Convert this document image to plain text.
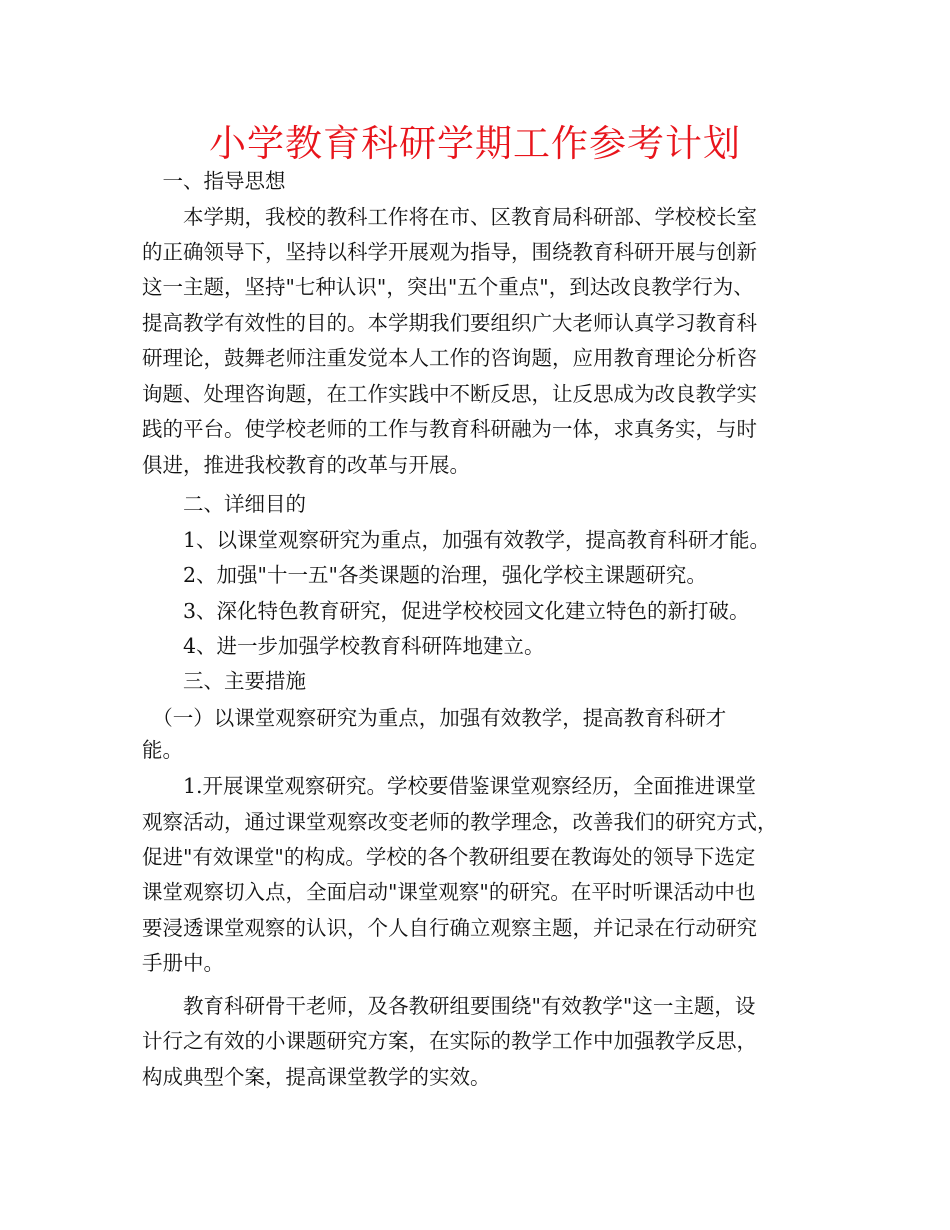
小学教育科研学期工作参考计划

　一、指导思想

　　本学期，我校的教科工作将在市、区教育局科研部、学校校长室

的正确领导下，坚持以科学开展观为指导，围绕教育科研开展与创新

这一主题，坚持"七种认识"，突出"五个重点"，到达改良教学行为、

提高教学有效性的目的。本学期我们要组织广大老师认真学习教育科

研理论，鼓舞老师注重发觉本人工作的咨询题，应用教育理论分析咨

询题、处理咨询题，在工作实践中不断反思，让反思成为改良教学实

践的平台。使学校老师的工作与教育科研融为一体，求真务实，与时

俱进，推进我校教育的改革与开展。

　　二、详细目的

　　1、以课堂观察研究为重点，加强有效教学，提高教育科研才能。

　　2、加强"十一五"各类课题的治理，强化学校主课题研究。

　　3、深化特色教育研究，促进学校校园文化建立特色的新打破。

　　4、进一步加强学校教育科研阵地建立。

　　三、主要措施

　（一）以课堂观察研究为重点，加强有效教学，提高教育科研才

能。

　　1.开展课堂观察研究。学校要借鉴课堂观察经历，全面推进课堂

观察活动，通过课堂观察改变老师的教学理念，改善我们的研究方式，

促进"有效课堂"的构成。学校的各个教研组要在教诲处的领导下选定

课堂观察切入点，全面启动"课堂观察"的研究。在平时听课活动中也

要浸透课堂观察的认识，个人自行确立观察主题，并记录在行动研究

手册中。

　　教育科研骨干老师，及各教研组要围绕"有效教学"这一主题，设

计行之有效的小课题研究方案，在实际的教学工作中加强教学反思，

构成典型个案，提高课堂教学的实效。
